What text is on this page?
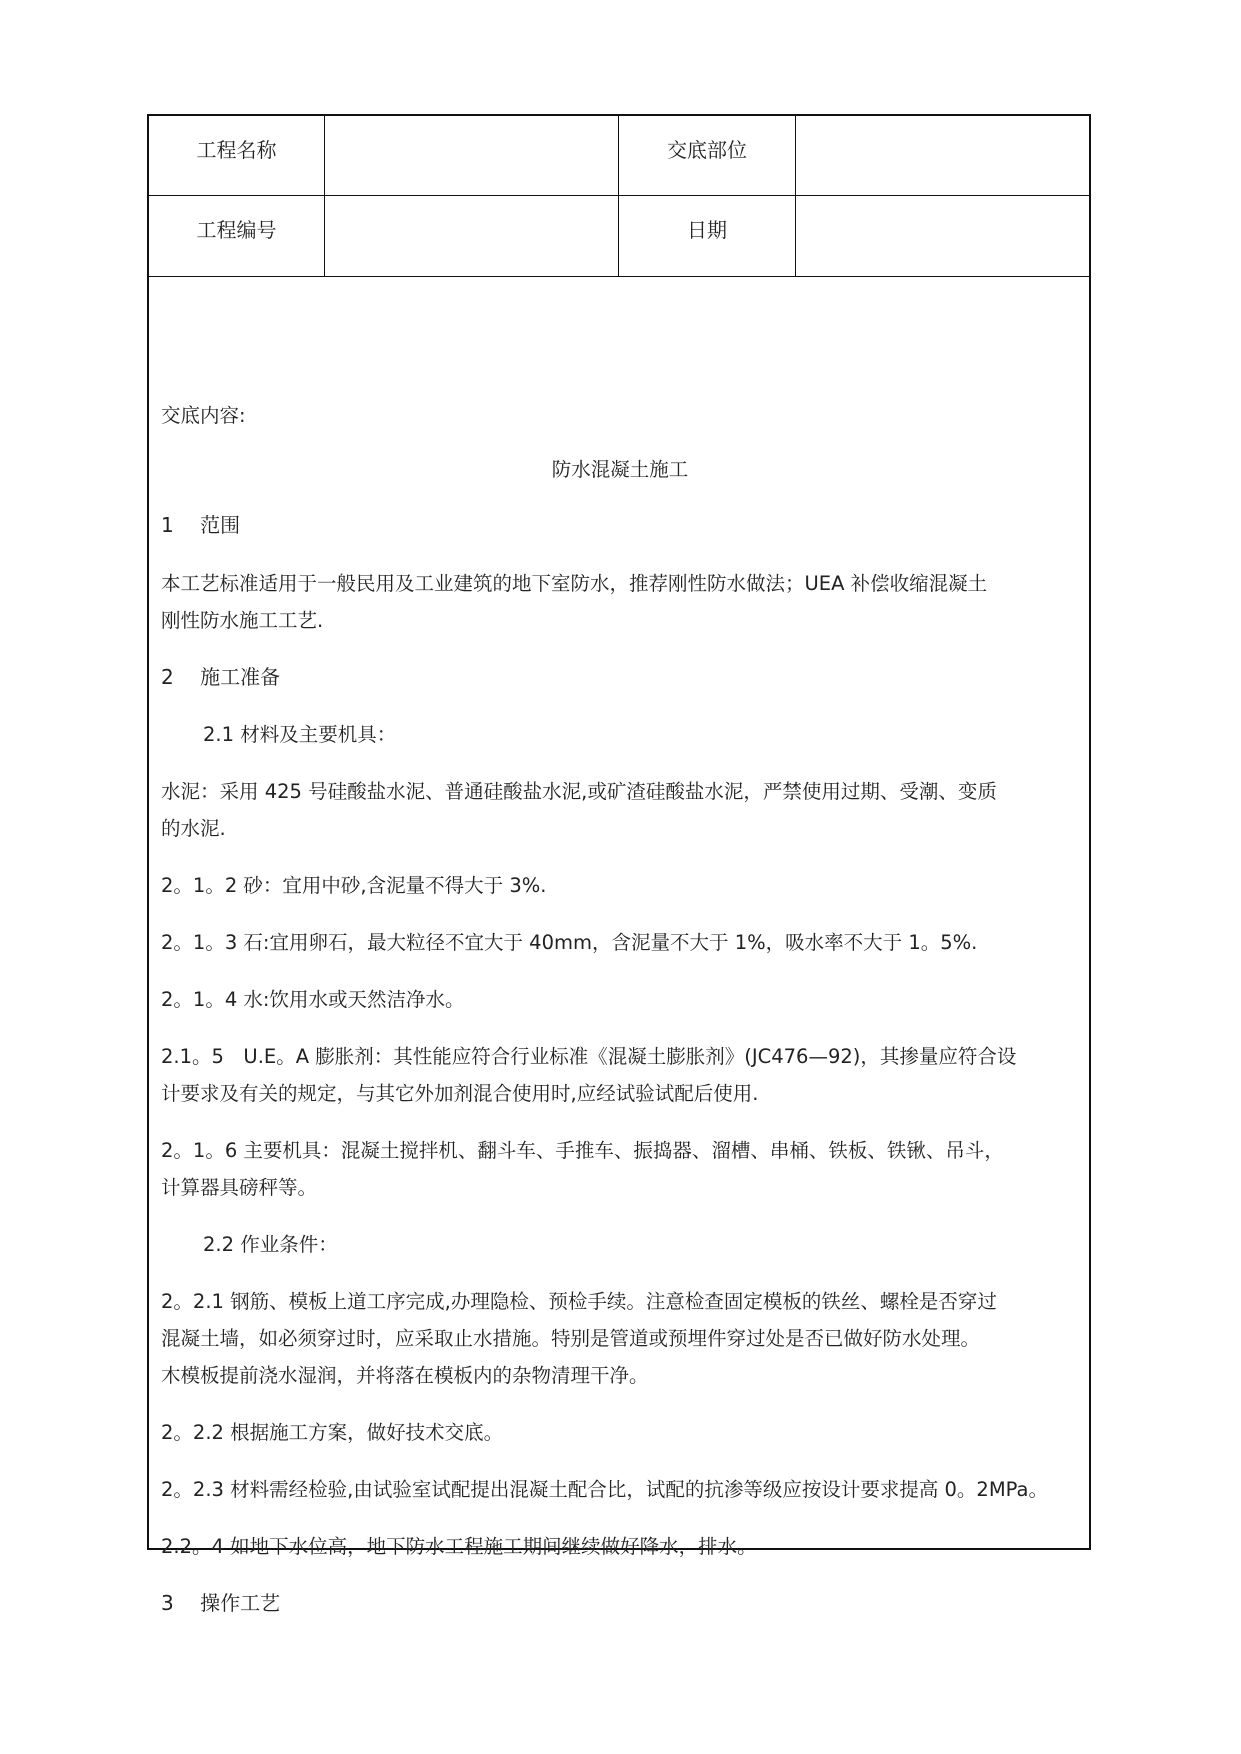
工程名称	交底部位
工程编号	日期

交底内容:

防水混凝土施工

1　 范围

本工艺标准适用于一般民用及工业建筑的地下室防水，推荐刚性防水做法；UEA 补偿收缩混凝土

刚性防水施工工艺.

2　 施工准备

2.1 材料及主要机具：

水泥：采用 425 号硅酸盐水泥、普通硅酸盐水泥,或矿渣硅酸盐水泥，严禁使用过期、受潮、变质

的水泥.

2。1。2 砂：宜用中砂,含泥量不得大于 3%.

2。1。3 石:宜用卵石，最大粒径不宜大于 40mm，含泥量不大于 1%，吸水率不大于 1。5%.

2。1。4 水:饮用水或天然洁净水。

2.1。5　U.E。A 膨胀剂：其性能应符合行业标准《混凝土膨胀剂》(JC476—92)，其掺量应符合设

计要求及有关的规定，与其它外加剂混合使用时,应经试验试配后使用.

2。1。6 主要机具：混凝土搅拌机、翻斗车、手推车、振捣器、溜槽、串桶、铁板、铁锹、吊斗，

计算器具磅秤等。

2.2 作业条件：

2。2.1 钢筋、模板上道工序完成,办理隐检、预检手续。注意检查固定模板的铁丝、螺栓是否穿过

混凝土墙，如必须穿过时，应采取止水措施。特别是管道或预埋件穿过处是否已做好防水处理。

木模板提前浇水湿润，并将落在模板内的杂物清理干净。

2。2.2 根据施工方案，做好技术交底。

2。2.3 材料需经检验,由试验室试配提出混凝土配合比，试配的抗渗等级应按设计要求提高 0。2MPa。

2.2。4 如地下水位高，地下防水工程施工期间继续做好降水，排水。

3　 操作工艺
